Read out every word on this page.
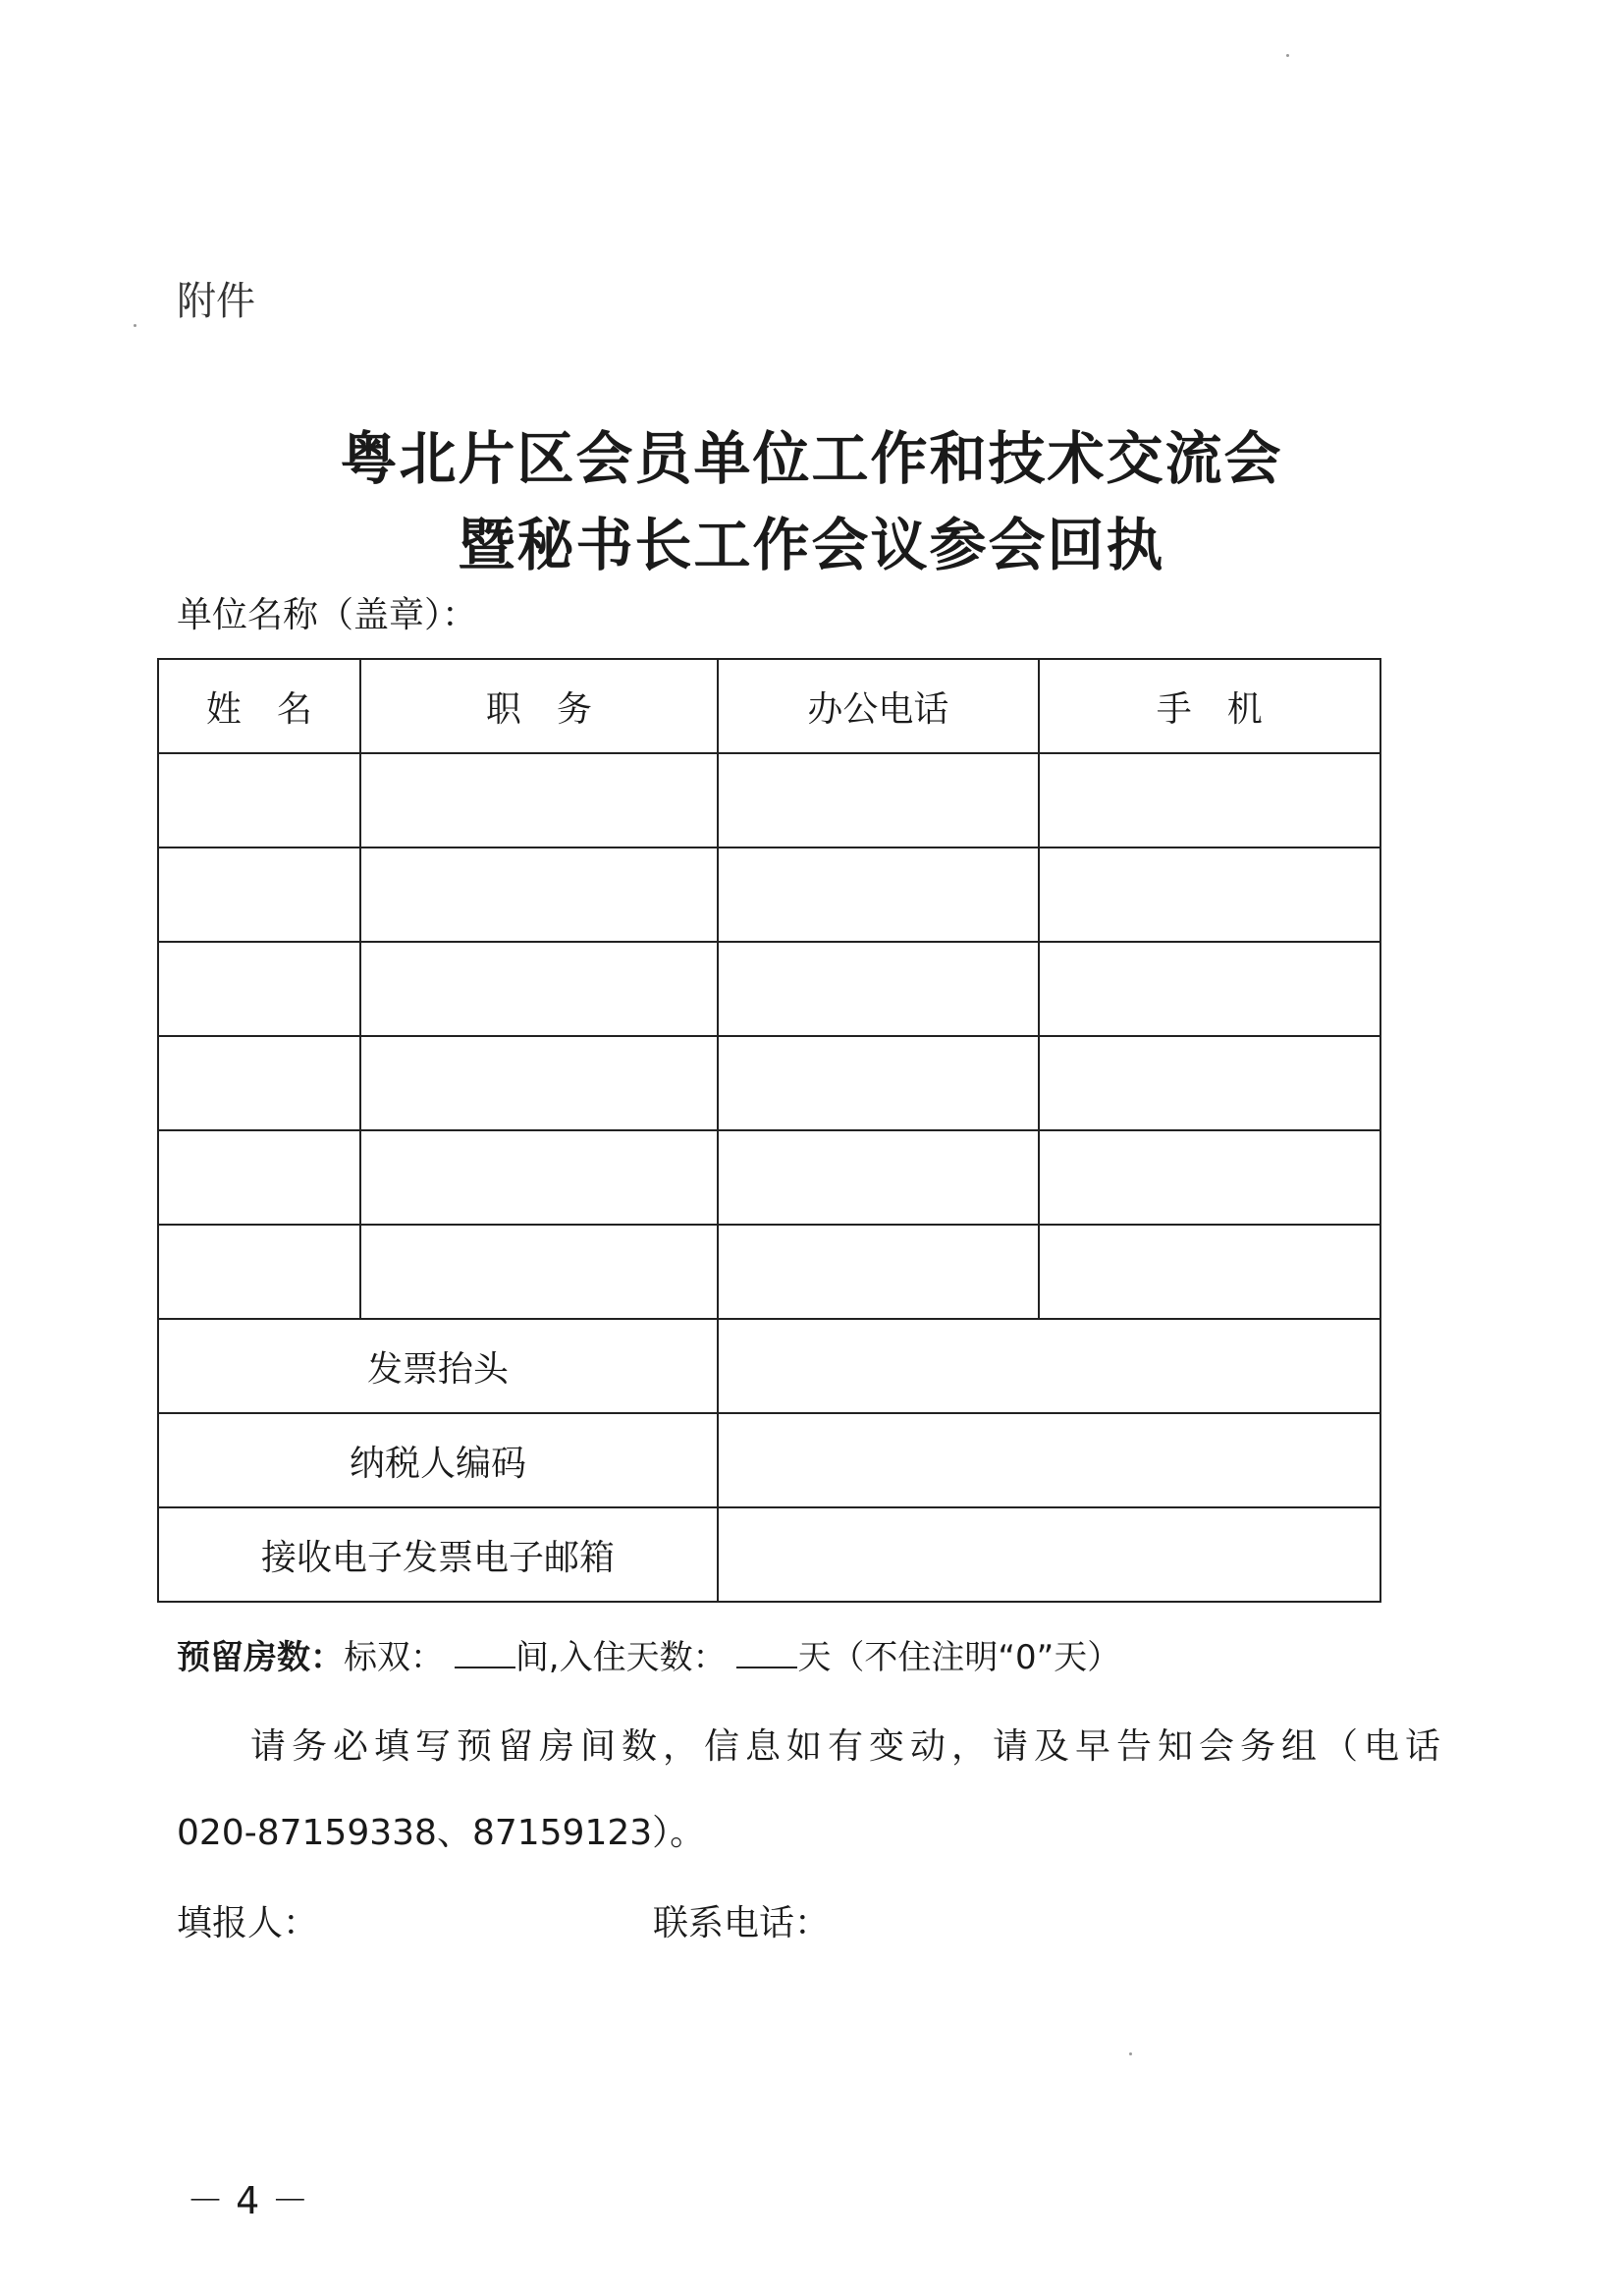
附件
粤北片区会员单位工作和技术交流会
暨秘书长工作会议参会回执
单位名称（盖章）：
姓　名	职　务	办公电话	手　机

发票抬头			
纳税人编码			
接收电子发票电子邮箱			
预留房数：标双： 间,入住天数： 天（不住注明“0”天）
请务必填写预留房间数，信息如有变动，请及早告知会务组（电话
020-87159338、87159123）。
填报人：	联系电话：
－ 4 －
